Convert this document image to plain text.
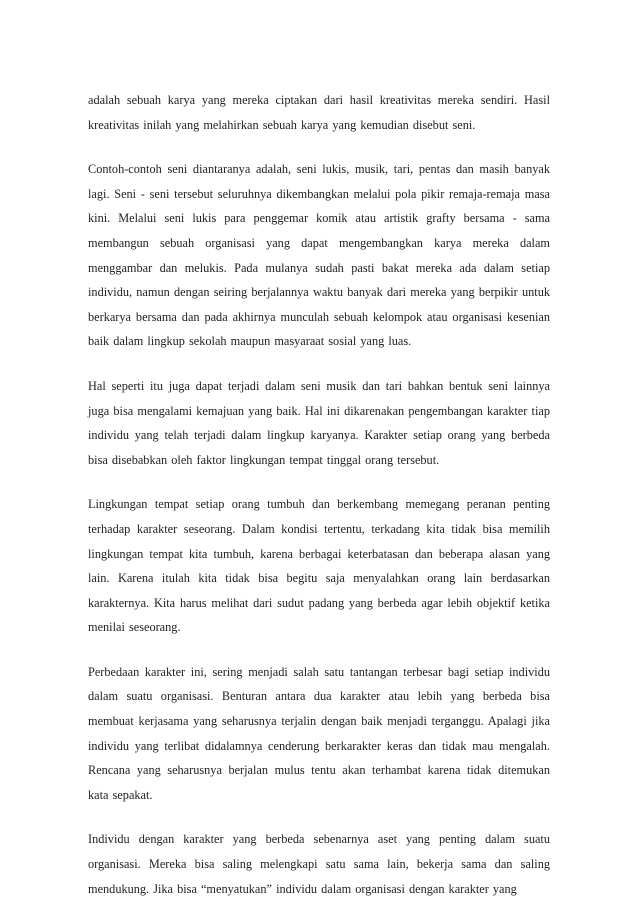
adalah sebuah karya yang mereka ciptakan dari hasil kreativitas mereka sendiri. Hasil kreativitas inilah yang melahirkan sebuah karya yang kemudian disebut seni.

Contoh-contoh seni diantaranya adalah, seni lukis, musik, tari, pentas dan masih banyak lagi. Seni - seni tersebut seluruhnya dikembangkan melalui pola pikir remaja-remaja masa kini. Melalui seni lukis para penggemar komik atau artistik grafty bersama - sama membangun sebuah organisasi yang dapat mengembangkan karya mereka dalam menggambar dan melukis. Pada mulanya sudah pasti bakat mereka ada dalam setiap individu, namun dengan seiring berjalannya waktu banyak dari mereka yang berpikir untuk berkarya bersama dan pada akhirnya munculah sebuah kelompok atau organisasi kesenian baik dalam lingkup sekolah maupun masyaraat sosial yang luas.

Hal seperti itu juga dapat terjadi dalam seni musik dan tari bahkan bentuk seni lainnya juga bisa mengalami kemajuan yang baik. Hal ini dikarenakan pengembangan karakter tiap individu yang telah terjadi dalam lingkup karyanya. Karakter setiap orang yang berbeda bisa disebabkan oleh faktor lingkungan tempat tinggal orang tersebut.

Lingkungan tempat setiap orang tumbuh dan berkembang memegang peranan penting terhadap karakter seseorang. Dalam kondisi tertentu, terkadang kita tidak bisa memilih lingkungan tempat kita tumbuh, karena berbagai keterbatasan dan beberapa alasan yang lain. Karena itulah kita tidak bisa begitu saja menyalahkan orang lain berdasarkan karakternya. Kita harus melihat dari sudut padang yang berbeda agar lebih objektif ketika menilai seseorang.

Perbedaan karakter ini, sering menjadi salah satu tantangan terbesar bagi setiap individu dalam suatu organisasi. Benturan antara dua karakter atau lebih yang berbeda bisa membuat kerjasama yang seharusnya terjalin dengan baik menjadi terganggu. Apalagi jika individu yang terlibat didalamnya cenderung berkarakter keras dan tidak mau mengalah. Rencana yang seharusnya berjalan mulus tentu akan terhambat karena tidak ditemukan kata sepakat.

Individu dengan karakter yang berbeda sebenarnya aset yang penting dalam suatu organisasi. Mereka bisa saling melengkapi satu sama lain, bekerja sama dan saling mendukung. Jika bisa “menyatukan” individu dalam organisasi dengan karakter yang
